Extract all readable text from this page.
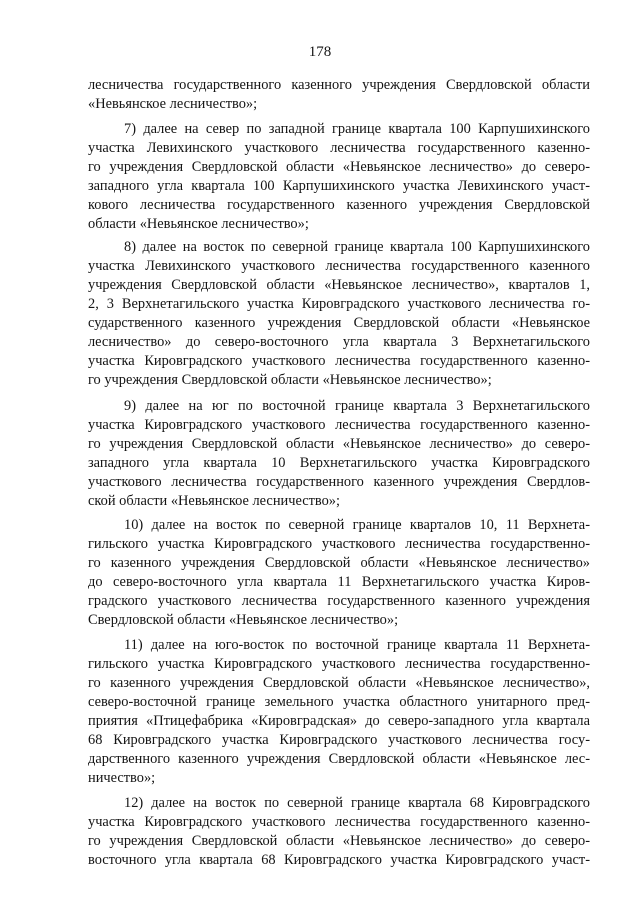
178
лесничества государственного казенного учреждения Свердловской области
«Невьянское лесничество»;
7) далее на север по западной границе квартала 100 Карпушихинского
участка Левихинского участкового лесничества государственного казенно-
го учреждения Свердловской области «Невьянское лесничество» до северо-
западного угла квартала 100 Карпушихинского участка Левихинского участ-
кового лесничества государственного казенного учреждения Свердловской
области «Невьянское лесничество»;
8) далее на восток по северной границе квартала 100 Карпушихинского
участка Левихинского участкового лесничества государственного казенного
учреждения Свердловской области «Невьянское лесничество», кварталов 1,
2, 3 Верхнетагильского участка Кировградского участкового лесничества го-
сударственного казенного учреждения Свердловской области «Невьянское
лесничество» до северо-восточного угла квартала 3 Верхнетагильского
участка Кировградского участкового лесничества государственного казенно-
го учреждения Свердловской области «Невьянское лесничество»;
9) далее на юг по восточной границе квартала 3 Верхнетагильского
участка Кировградского участкового лесничества государственного казенно-
го учреждения Свердловской области «Невьянское лесничество» до северо-
западного угла квартала 10 Верхнетагильского участка Кировградского
участкового лесничества государственного казенного учреждения Свердлов-
ской области «Невьянское лесничество»;
10) далее на восток по северной границе кварталов 10, 11 Верхнета-
гильского участка Кировградского участкового лесничества государственно-
го казенного учреждения Свердловской области «Невьянское лесничество»
до северо-восточного угла квартала 11 Верхнетагильского участка Киров-
градского участкового лесничества государственного казенного учреждения
Свердловской области «Невьянское лесничество»;
11) далее на юго-восток по восточной границе квартала 11 Верхнета-
гильского участка Кировградского участкового лесничества государственно-
го казенного учреждения Свердловской области «Невьянское лесничество»,
северо-восточной границе земельного участка областного унитарного пред-
приятия «Птицефабрика «Кировградская» до северо-западного угла квартала
68 Кировградского участка Кировградского участкового лесничества госу-
дарственного казенного учреждения Свердловской области «Невьянское лес-
ничество»;
12) далее на восток по северной границе квартала 68 Кировградского
участка Кировградского участкового лесничества государственного казенно-
го учреждения Свердловской области «Невьянское лесничество» до северо-
восточного угла квартала 68 Кировградского участка Кировградского участ-
